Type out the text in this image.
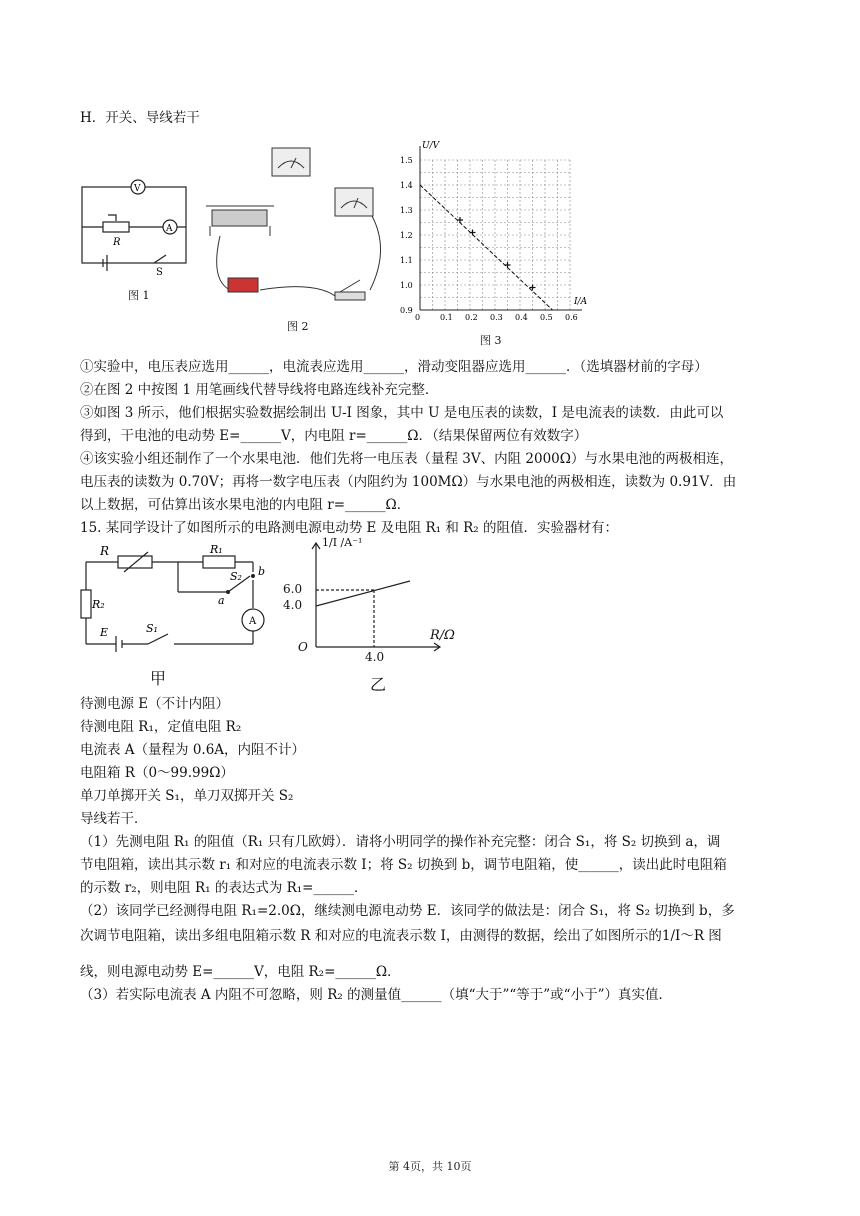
H．开关、导线若干
V
A
R
S
图 1
图 2
1.5
1.4
1.3
1.2
1.1
1.0
0.9
0 0.1 0.2 0.3 0.4 0.5 0.6
U/V
I/A
图 3
①实验中，电压表应选用______，电流表应选用______，滑动变阻器应选用______．（选填器材前的字母）
②在图 2 中按图 1 用笔画线代替导线将电路连线补充完整．
③如图 3 所示，他们根据实验数据绘制出 U-I 图象，其中 U 是电压表的读数，I 是电流表的读数．由此可以
得到，干电池的电动势 E=______V，内电阻 r=______Ω．（结果保留两位有效数字）
④该实验小组还制作了一个水果电池．他们先将一电压表（量程 3V、内阻 2000Ω）与水果电池的两极相连，
电压表的读数为 0.70V；再将一数字电压表（内阻约为 100MΩ）与水果电池的两极相连，读数为 0.91V．由
以上数据，可估算出该水果电池的内电阻 r=______Ω．
15. 某同学设计了如图所示的电路测电源电动势 E 及电阻 R₁ 和 R₂ 的阻值．实验器材有：
R	R₁
S₂ b
a
A
R₂
E	S₁
甲
1/I /A⁻¹
6.0
4.0
O
4.0
R/Ω
乙
待测电源 E（不计内阻）
待测电阻 R₁，定值电阻 R₂
电流表 A（量程为 0.6A，内阻不计）
电阻箱 R（0～99.99Ω）
单刀单掷开关 S₁，单刀双掷开关 S₂
导线若干．
（1）先测电阻 R₁ 的阻值（R₁ 只有几欧姆）．请将小明同学的操作补充完整：闭合 S₁，将 S₂ 切换到 a，调
节电阻箱，读出其示数 r₁ 和对应的电流表示数 I；将 S₂ 切换到 b，调节电阻箱，使______，读出此时电阻箱
的示数 r₂，则电阻 R₁ 的表达式为 R₁=______．
（2）该同学已经测得电阻 R₁=2.0Ω，继续测电源电动势 E．该同学的做法是：闭合 S₁，将 S₂ 切换到 b，多
次调节电阻箱，读出多组电阻箱示数 R 和对应的电流表示数 I，由测得的数据，绘出了如图所示的1/I～R 图
线，则电源电动势 E=______V，电阻 R₂=______Ω．
（3）若实际电流表 A 内阻不可忽略，则 R₂ 的测量值______（填“大于”“等于”或“小于”）真实值．
第 4页，共 10页
